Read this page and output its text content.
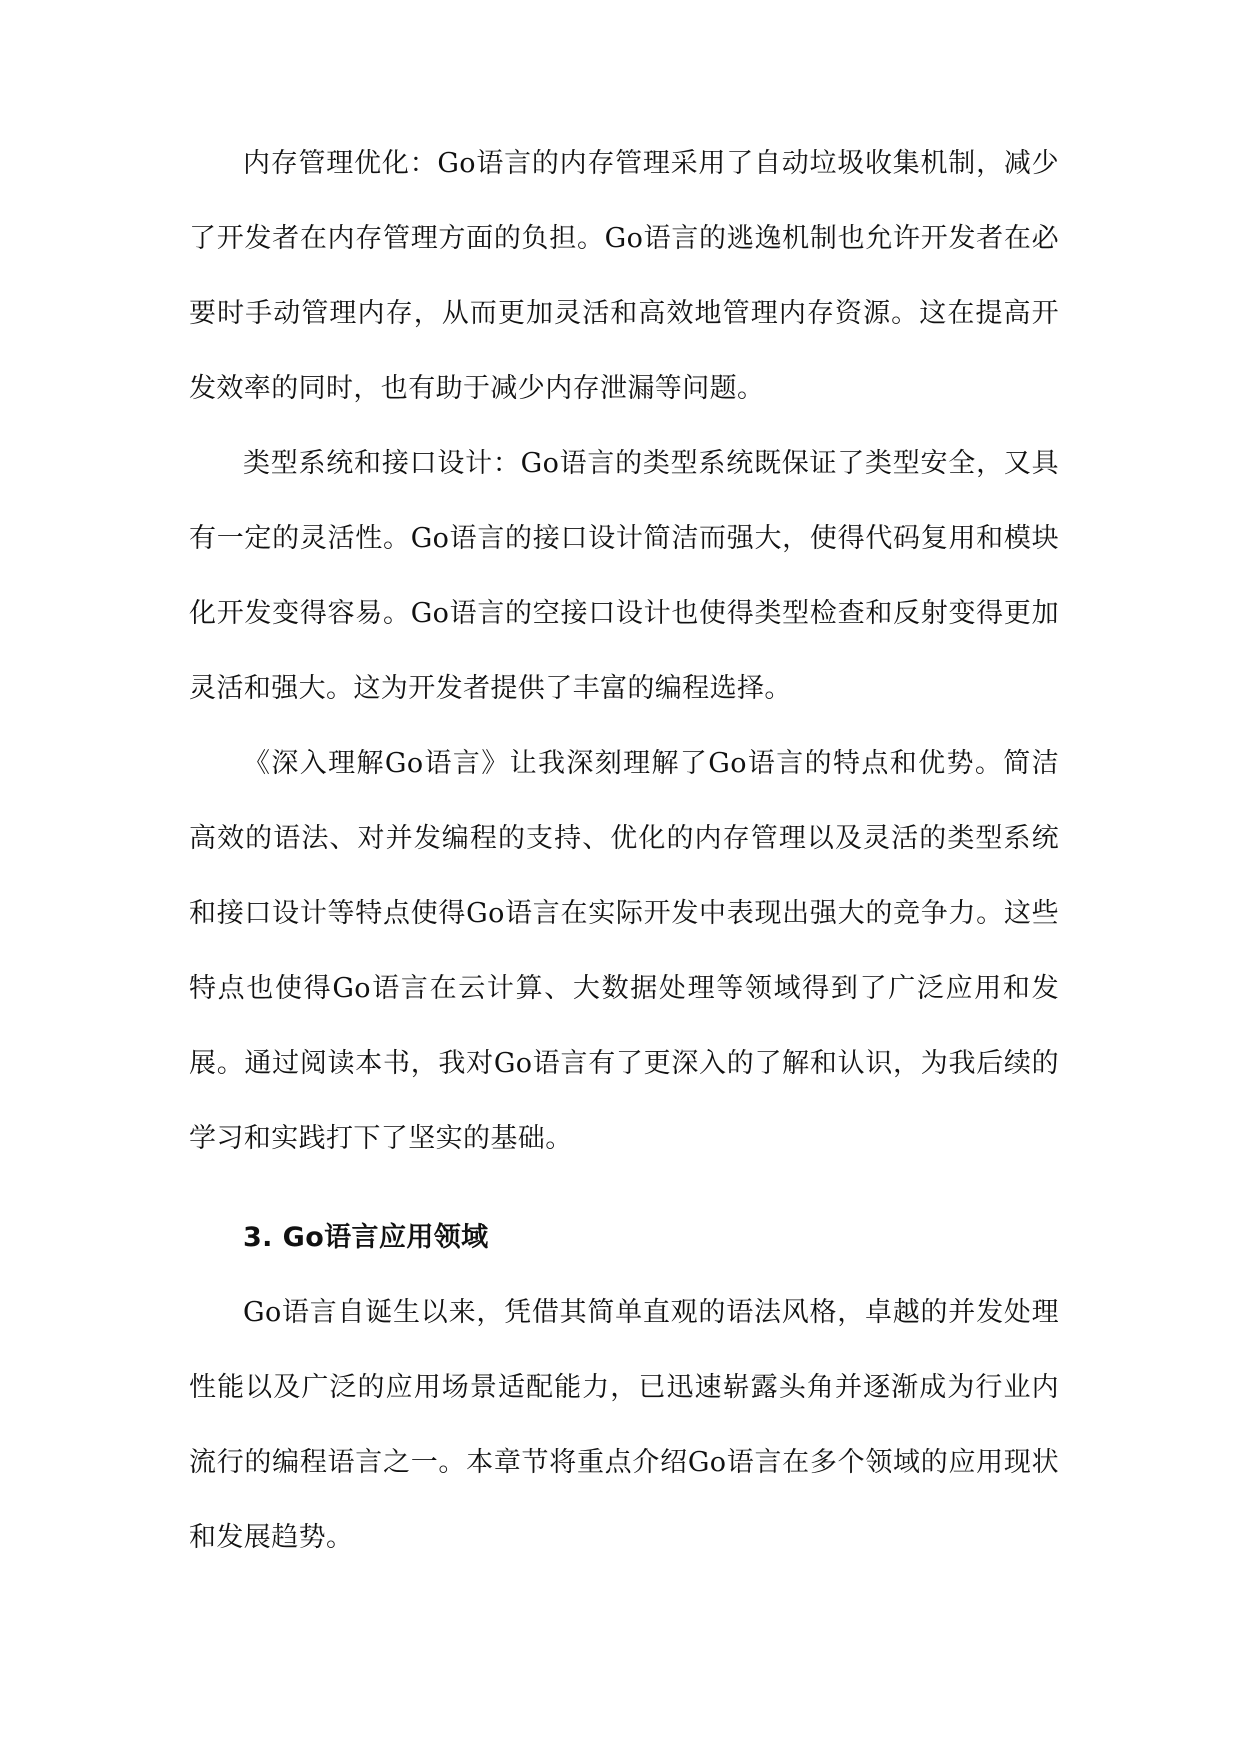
内存管理优化：Go语言的内存管理采用了自动垃圾收集机制，减少了开发者在内存管理方面的负担。Go语言的逃逸机制也允许开发者在必要时手动管理内存，从而更加灵活和高效地管理内存资源。这在提高开发效率的同时，也有助于减少内存泄漏等问题。

类型系统和接口设计：Go语言的类型系统既保证了类型安全，又具有一定的灵活性。Go语言的接口设计简洁而强大，使得代码复用和模块化开发变得容易。Go语言的空接口设计也使得类型检查和反射变得更加灵活和强大。这为开发者提供了丰富的编程选择。

《深入理解Go语言》让我深刻理解了Go语言的特点和优势。简洁高效的语法、对并发编程的支持、优化的内存管理以及灵活的类型系统和接口设计等特点使得Go语言在实际开发中表现出强大的竞争力。这些特点也使得Go语言在云计算、大数据处理等领域得到了广泛应用和发展。通过阅读本书，我对Go语言有了更深入的了解和认识，为我后续的学习和实践打下了坚实的基础。

3. Go语言应用领域

Go语言自诞生以来，凭借其简单直观的语法风格，卓越的并发处理性能以及广泛的应用场景适配能力，已迅速崭露头角并逐渐成为行业内流行的编程语言之一。本章节将重点介绍Go语言在多个领域的应用现状和发展趋势。
